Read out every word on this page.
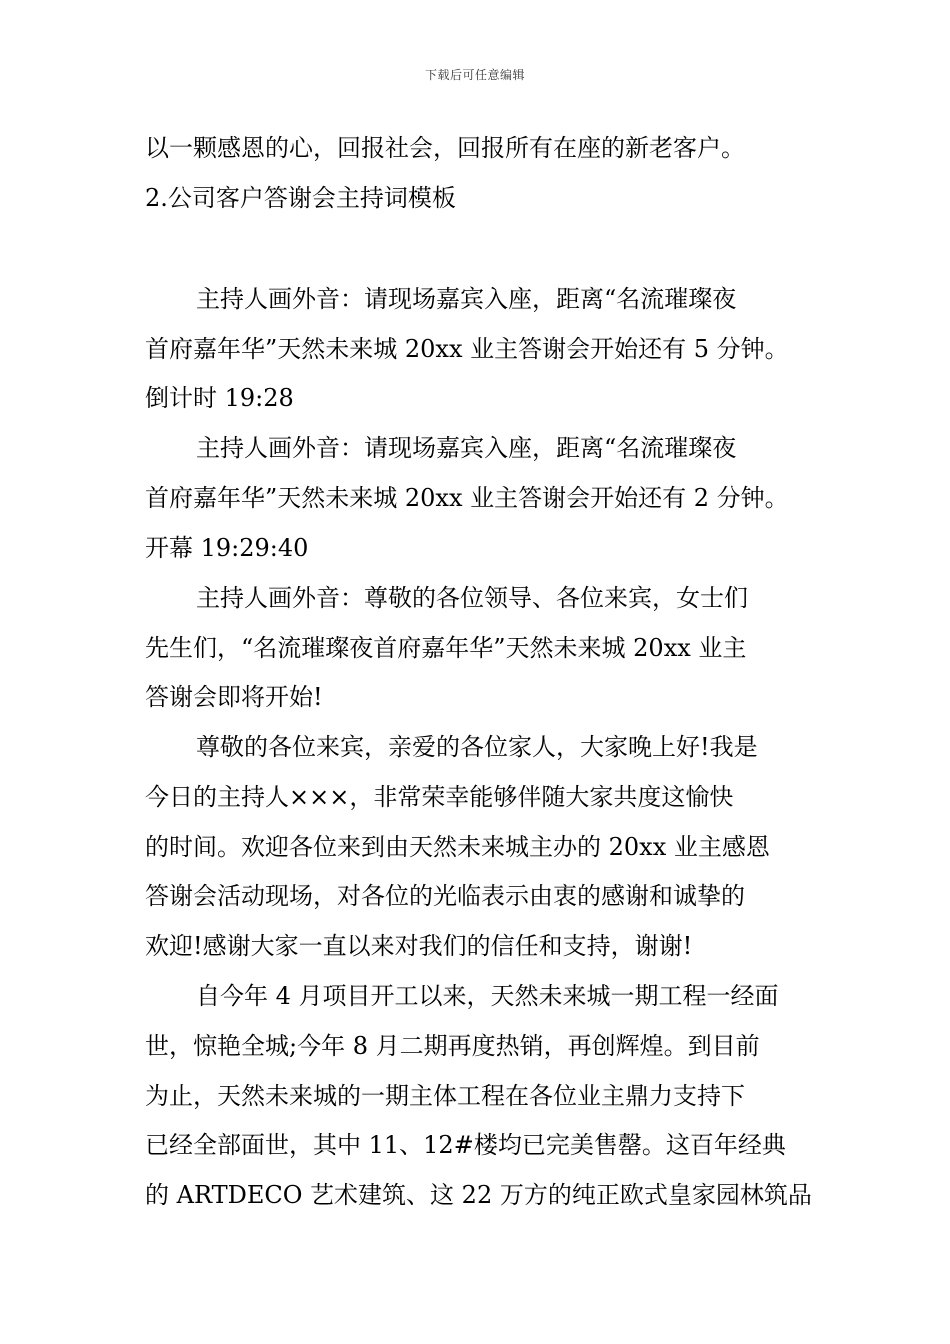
下载后可任意编辑
以一颗感恩的心，回报社会，回报所有在座的新老客户。
2.公司客户答谢会主持词模板
主持人画外音：请现场嘉宾入座，距离“名流璀璨夜
首府嘉年华”天然未来城 20xx 业主答谢会开始还有 5 分钟。
倒计时 19:28
主持人画外音：请现场嘉宾入座，距离“名流璀璨夜
首府嘉年华”天然未来城 20xx 业主答谢会开始还有 2 分钟。
开幕 19:29:40
主持人画外音：尊敬的各位领导、各位来宾，女士们
先生们，“名流璀璨夜首府嘉年华”天然未来城 20xx 业主
答谢会即将开始!
尊敬的各位来宾，亲爱的各位家人，大家晚上好!我是
今日的主持人×××，非常荣幸能够伴随大家共度这愉快
的时间。欢迎各位来到由天然未来城主办的 20xx 业主感恩
答谢会活动现场，对各位的光临表示由衷的感谢和诚挚的
欢迎!感谢大家一直以来对我们的信任和支持，谢谢!
自今年 4 月项目开工以来，天然未来城一期工程一经面
世，惊艳全城;今年 8 月二期再度热销，再创辉煌。到目前
为止，天然未来城的一期主体工程在各位业主鼎力支持下
已经全部面世，其中 11、12#楼均已完美售罄。这百年经典
的 ARTDECO 艺术建筑、这 22 万方的纯正欧式皇家园林筑品
